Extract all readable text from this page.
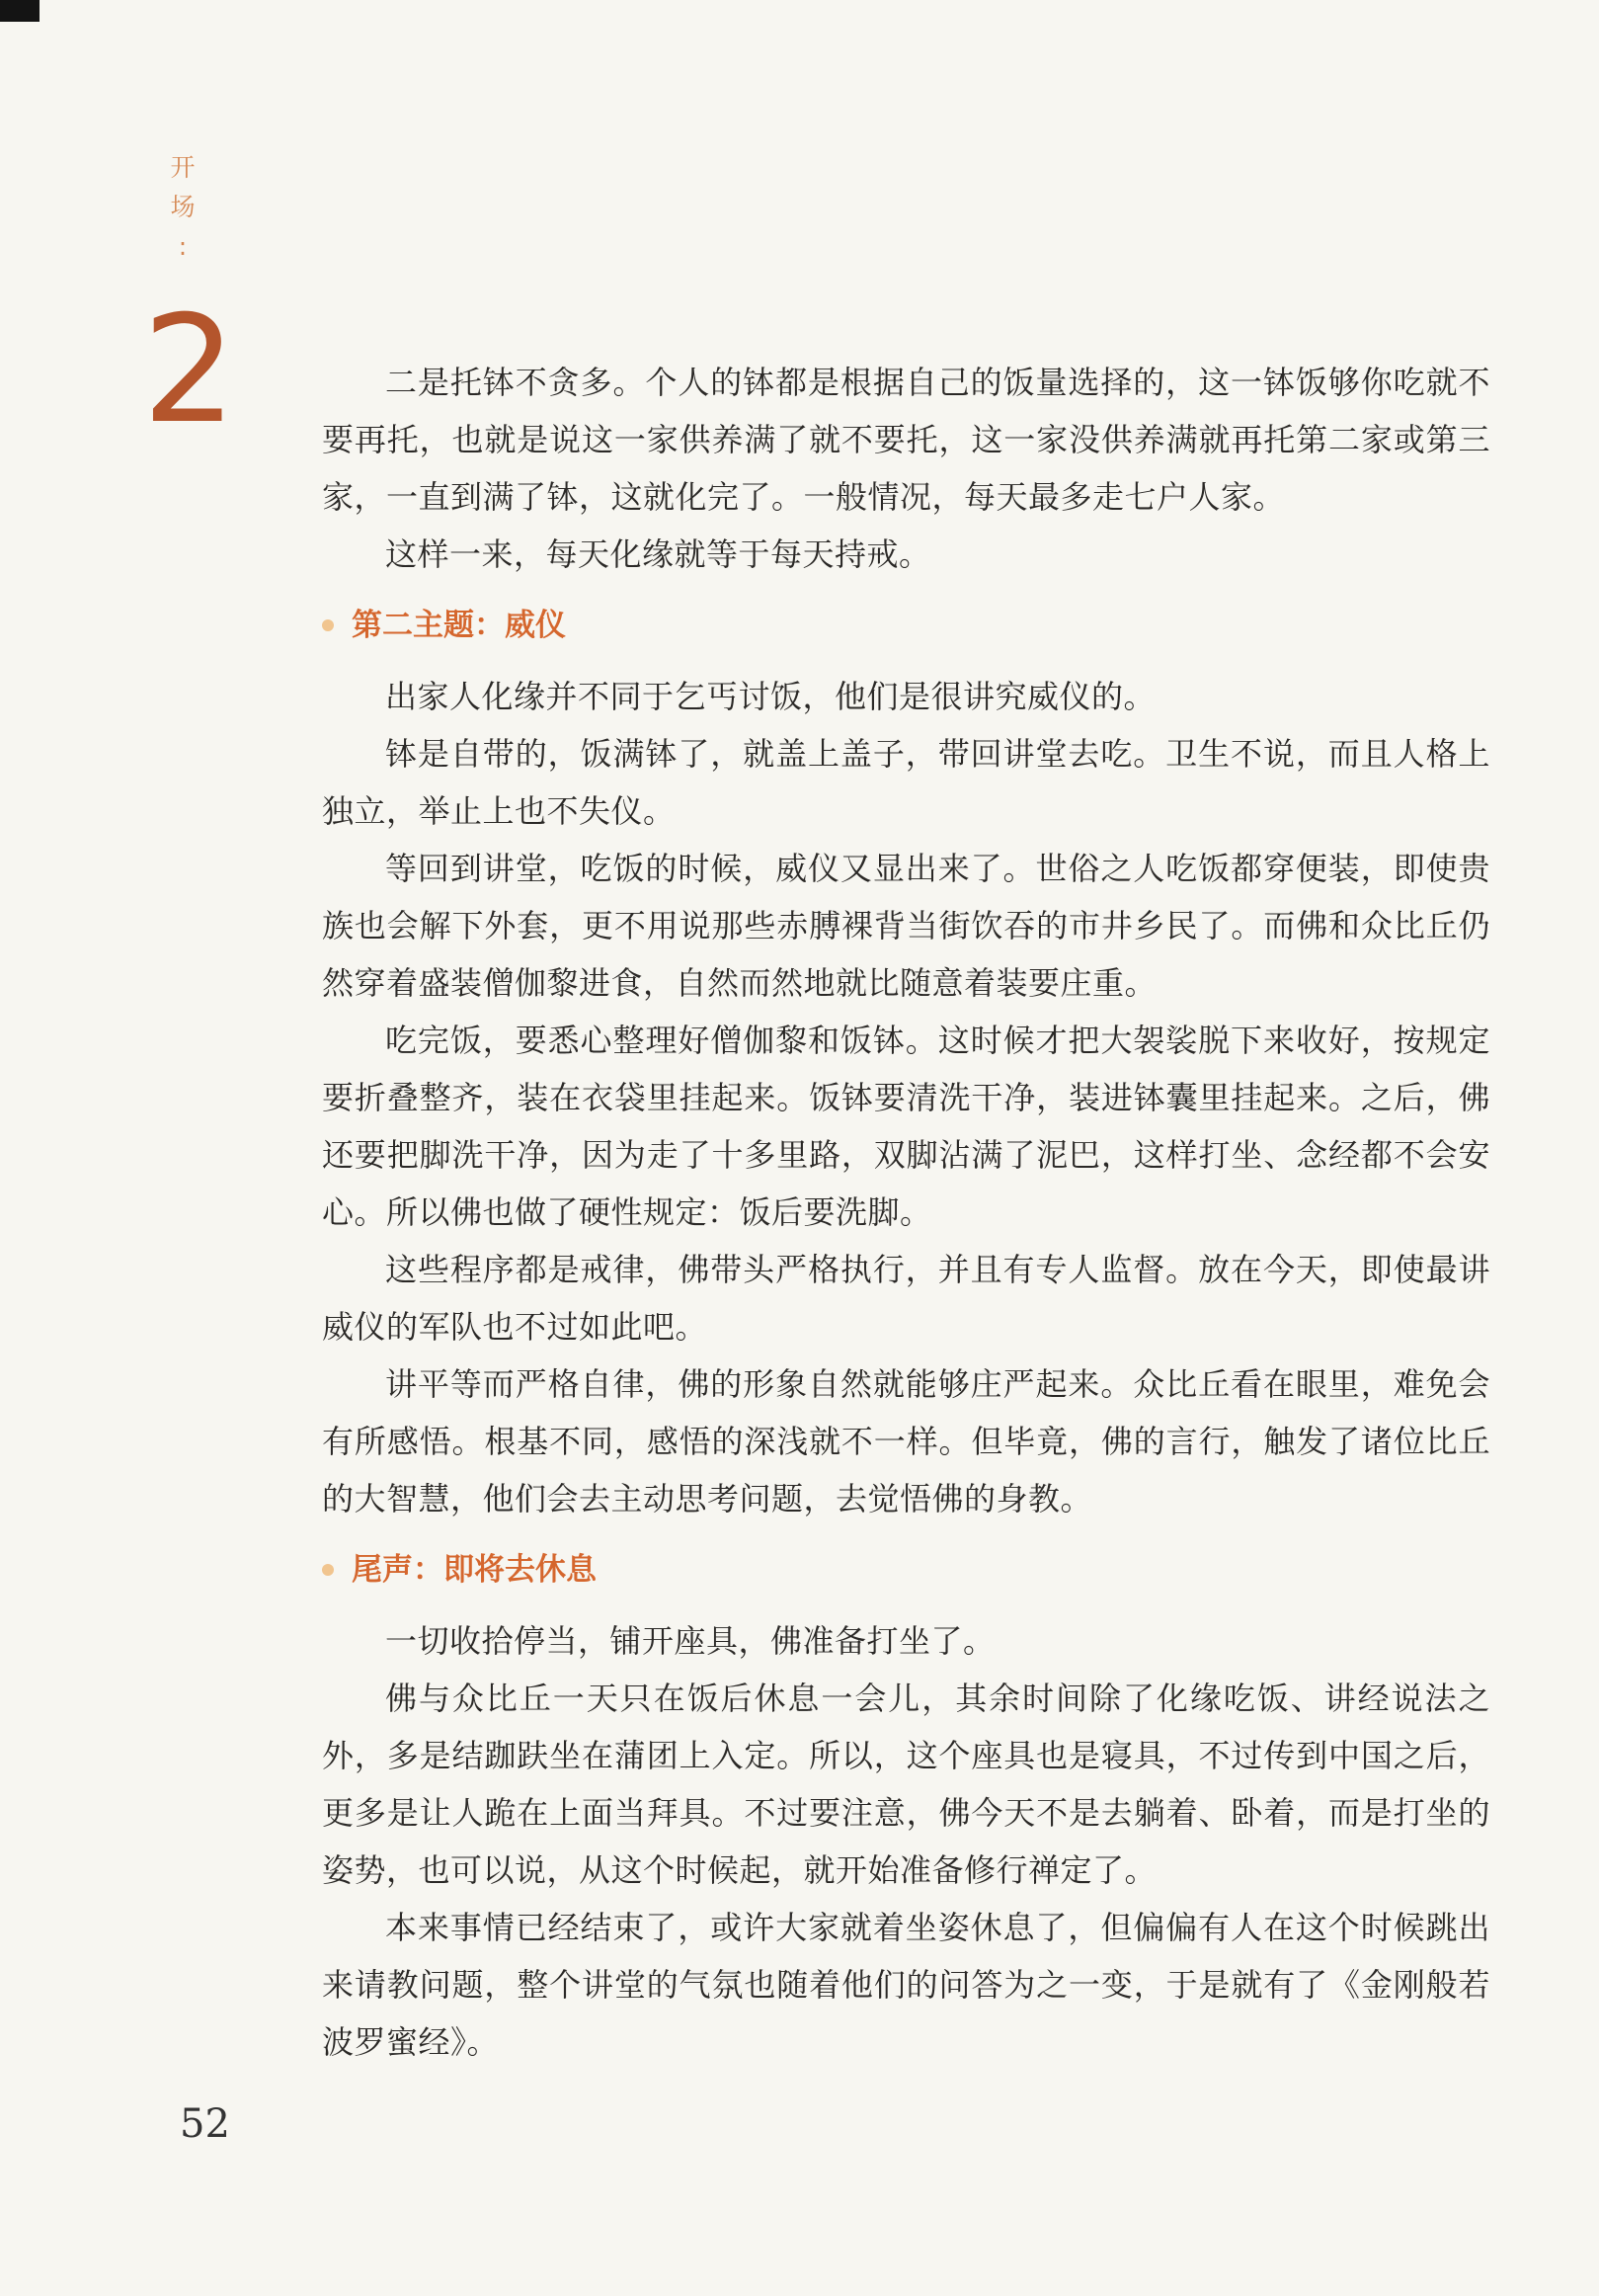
开
场
:
2	二是托钵不贪多。个人的钵都是根据自己的饭量选择的，这一钵饭够你吃就不要再托，也就是说这一家供养满了就不要托，这一家没供养满就再托第二家或第三家，一直到满了钵，这就化完了。一般情况，每天最多走七户人家。

这样一来，每天化缘就等于每天持戒。

第二主题：威仪

出家人化缘并不同于乞丐讨饭，他们是很讲究威仪的。

钵是自带的，饭满钵了，就盖上盖子，带回讲堂去吃。卫生不说，而且人格上独立，举止上也不失仪。

等回到讲堂，吃饭的时候，威仪又显出来了。世俗之人吃饭都穿便装，即使贵族也会解下外套，更不用说那些赤膊裸背当街饮吞的市井乡民了。而佛和众比丘仍然穿着盛装僧伽黎进食，自然而然地就比随意着装要庄重。

吃完饭，要悉心整理好僧伽黎和饭钵。这时候才把大袈裟脱下来收好，按规定要折叠整齐，装在衣袋里挂起来。饭钵要清洗干净，装进钵囊里挂起来。之后，佛还要把脚洗干净，因为走了十多里路，双脚沾满了泥巴，这样打坐、念经都不会安心。所以佛也做了硬性规定：饭后要洗脚。

这些程序都是戒律，佛带头严格执行，并且有专人监督。放在今天，即使最讲威仪的军队也不过如此吧。

讲平等而严格自律，佛的形象自然就能够庄严起来。众比丘看在眼里，难免会有所感悟。根基不同，感悟的深浅就不一样。但毕竟，佛的言行，触发了诸位比丘的大智慧，他们会去主动思考问题，去觉悟佛的身教。

尾声：即将去休息

一切收拾停当，铺开座具，佛准备打坐了。

佛与众比丘一天只在饭后休息一会儿，其余时间除了化缘吃饭、讲经说法之外，多是结跏趺坐在蒲团上入定。所以，这个座具也是寝具，不过传到中国之后，更多是让人跪在上面当拜具。不过要注意，佛今天不是去躺着、卧着，而是打坐的姿势，也可以说，从这个时候起，就开始准备修行禅定了。

本来事情已经结束了，或许大家就着坐姿休息了，但偏偏有人在这个时候跳出来请教问题，整个讲堂的气氛也随着他们的问答为之一变，于是就有了《金刚般若波罗蜜经》。

52
